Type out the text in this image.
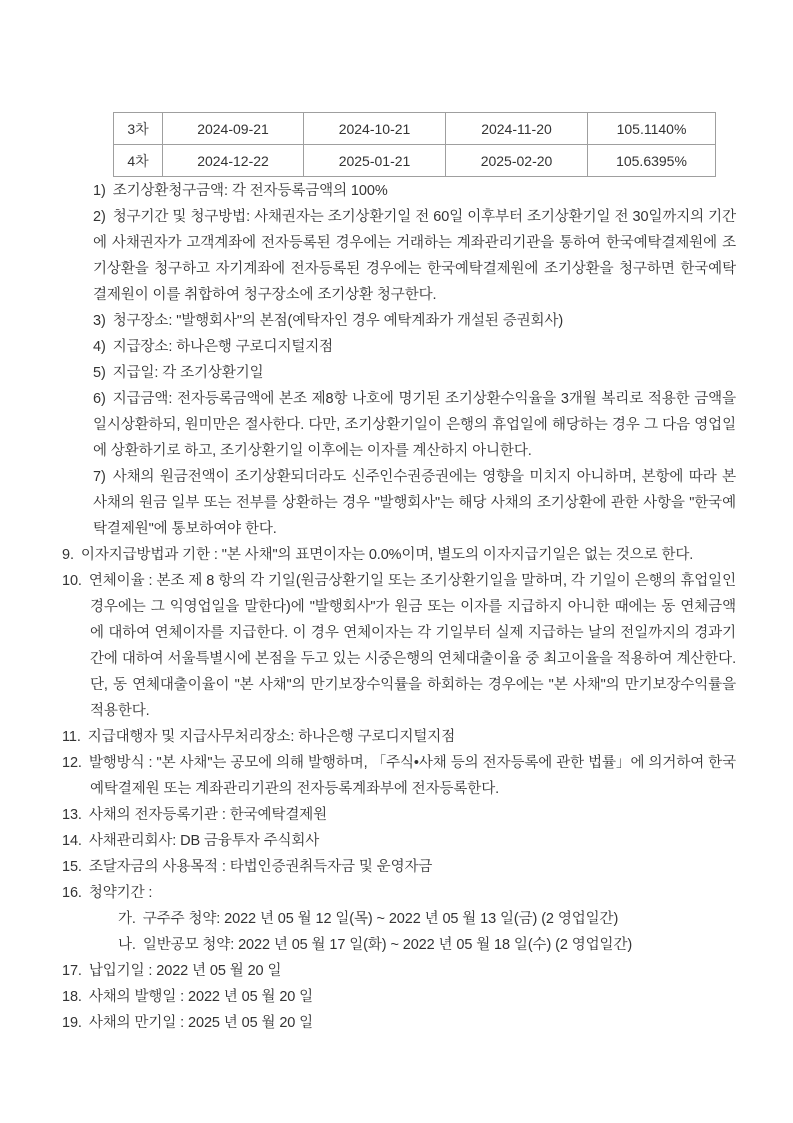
3차	2024-09-21	2024-10-21	2024-11-20	105.1140%
4차	2024-12-22	2025-01-21	2025-02-20	105.6395%

1) 조기상환청구금액: 각 전자등록금액의 100%

2) 청구기간 및 청구방법: 사채권자는 조기상환기일 전 60일 이후부터 조기상환기일 전 30일까지의 기간에 사채권자가 고객계좌에 전자등록된 경우에는 거래하는 계좌관리기관을 통하여 한국예탁결제원에 조기상환을 청구하고 자기계좌에 전자등록된 경우에는 한국예탁결제원에 조기상환을 청구하면 한국예탁결제원이 이를 취합하여 청구장소에 조기상환 청구한다.

3) 청구장소: "발행회사"의 본점(예탁자인 경우 예탁계좌가 개설된 증권회사)

4) 지급장소: 하나은행 구로디지털지점

5) 지급일: 각 조기상환기일

6) 지급금액: 전자등록금액에 본조 제8항 나호에 명기된 조기상환수익율을 3개월 복리로 적용한 금액을 일시상환하되, 원미만은 절사한다. 다만, 조기상환기일이 은행의 휴업일에 해당하는 경우 그 다음 영업일에 상환하기로 하고, 조기상환기일 이후에는 이자를 계산하지 아니한다.

7) 사채의 원금전액이 조기상환되더라도 신주인수권증권에는 영향을 미치지 아니하며, 본항에 따라 본 사채의 원금 일부 또는 전부를 상환하는 경우 "발행회사"는 해당 사채의 조기상환에 관한 사항을 "한국예탁결제원"에 통보하여야 한다.

9. 이자지급방법과 기한 : "본 사채"의 표면이자는 0.0%이며, 별도의 이자지급기일은 없는 것으로 한다.

10. 연체이율 : 본조 제 8 항의 각 기일(원금상환기일 또는 조기상환기일을 말하며, 각 기일이 은행의 휴업일인 경우에는 그 익영업일을 말한다)에 "발행회사"가 원금 또는 이자를 지급하지 아니한 때에는 동 연체금액에 대하여 연체이자를 지급한다. 이 경우 연체이자는 각 기일부터 실제 지급하는 날의 전일까지의 경과기간에 대하여 서울특별시에 본점을 두고 있는 시중은행의 연체대출이율 중 최고이율을 적용하여 계산한다. 단, 동 연체대출이율이 "본 사채"의 만기보장수익률을 하회하는 경우에는 "본 사채"의 만기보장수익률을 적용한다.

11. 지급대행자 및 지급사무처리장소: 하나은행 구로디지털지점

12. 발행방식 : "본 사채"는 공모에 의해 발행하며, 「주식•사채 등의 전자등록에 관한 법률」에 의거하여 한국예탁결제원 또는 계좌관리기관의 전자등록계좌부에 전자등록한다.

13. 사채의 전자등록기관 : 한국예탁결제원

14. 사채관리회사: DB 금융투자 주식회사

15. 조달자금의 사용목적 : 타법인증권취득자금 및 운영자금

16. 청약기간 :

가. 구주주 청약: 2022 년 05 월 12 일(목) ~ 2022 년 05 월 13 일(금) (2 영업일간)

나. 일반공모 청약: 2022 년 05 월 17 일(화) ~ 2022 년 05 월 18 일(수) (2 영업일간)

17. 납입기일 : 2022 년 05 월 20 일

18. 사채의 발행일 : 2022 년 05 월 20 일

19. 사채의 만기일 : 2025 년 05 월 20 일
